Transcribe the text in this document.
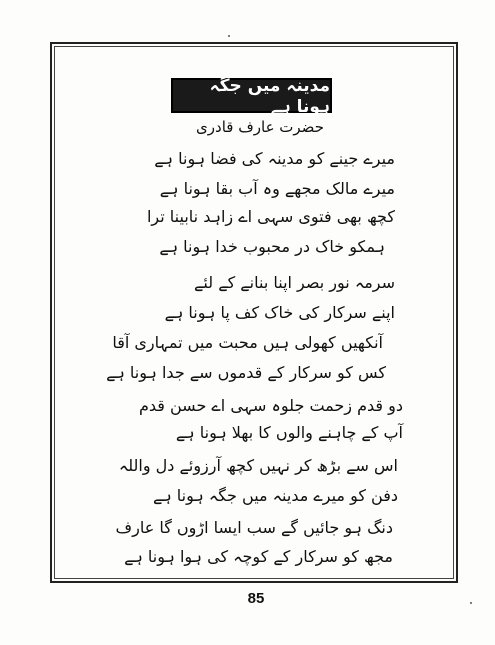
مدینہ میں جگہ ہونا ہے
حضرت عارف قادری
میرے جینے کو مدینہ کی فضا ہونا ہے
میرے مالک مجھے وہ آب بقا ہونا ہے
کچھ بھی فتوی سہی اے زاہد نابینا ترا
ہمکو خاک در محبوب خدا ہونا ہے
سرمہ نور بصر اپنا بنانے کے لئے
اپنے سرکار کی خاک کف پا ہونا ہے
آنکھیں کھولی ہیں محبت میں تمہاری آقا
کس کو سرکار کے قدموں سے جدا ہونا ہے
دو قدم زحمت جلوہ سہی اے حسن قدم
آپ کے چاہنے والوں کا بھلا ہونا ہے
اس سے بڑھ کر نہیں کچھ آرزوئے دل واللہ
دفن کو میرے مدینہ میں جگہ ہونا ہے
دنگ ہو جائیں گے سب ایسا اڑوں گا عارف
مجھ کو سرکار کے کوچہ کی ہوا ہونا ہے
85
